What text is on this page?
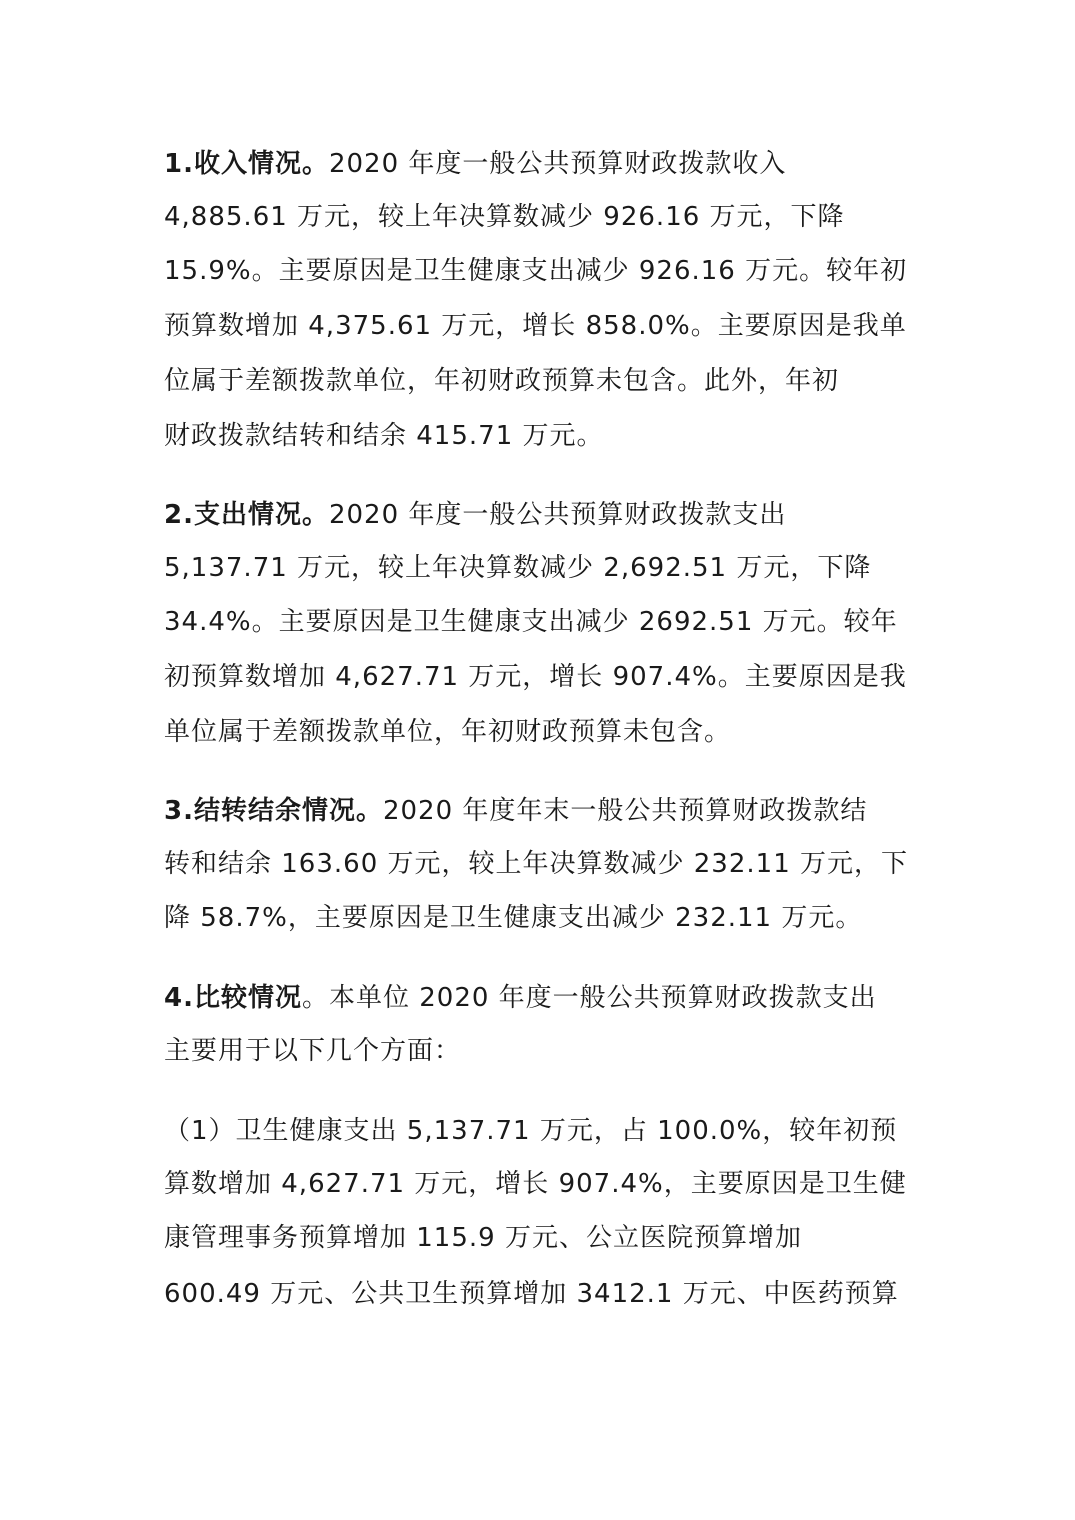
1.收入情况。2020 年度一般公共预算财政拨款收入
4,885.61 万元，较上年决算数减少 926.16 万元，下降
15.9%。主要原因是卫生健康支出减少 926.16 万元。较年初
预算数增加 4,375.61 万元，增长 858.0%。主要原因是我单
位属于差额拨款单位，年初财政预算未包含。此外，年初
财政拨款结转和结余 415.71 万元。
2.支出情况。2020 年度一般公共预算财政拨款支出
5,137.71 万元，较上年决算数减少 2,692.51 万元，下降
34.4%。主要原因是卫生健康支出减少 2692.51 万元。较年
初预算数增加 4,627.71 万元，增长 907.4%。主要原因是我
单位属于差额拨款单位，年初财政预算未包含。
3.结转结余情况。2020 年度年末一般公共预算财政拨款结
转和结余 163.60 万元，较上年决算数减少 232.11 万元，下
降 58.7%，主要原因是卫生健康支出减少 232.11 万元。
4.比较情况。本单位 2020 年度一般公共预算财政拨款支出
主要用于以下几个方面：
（1）卫生健康支出 5,137.71 万元，占 100.0%，较年初预
算数增加 4,627.71 万元，增长 907.4%，主要原因是卫生健
康管理事务预算增加 115.9 万元、公立医院预算增加
600.49 万元、公共卫生预算增加 3412.1 万元、中医药预算
